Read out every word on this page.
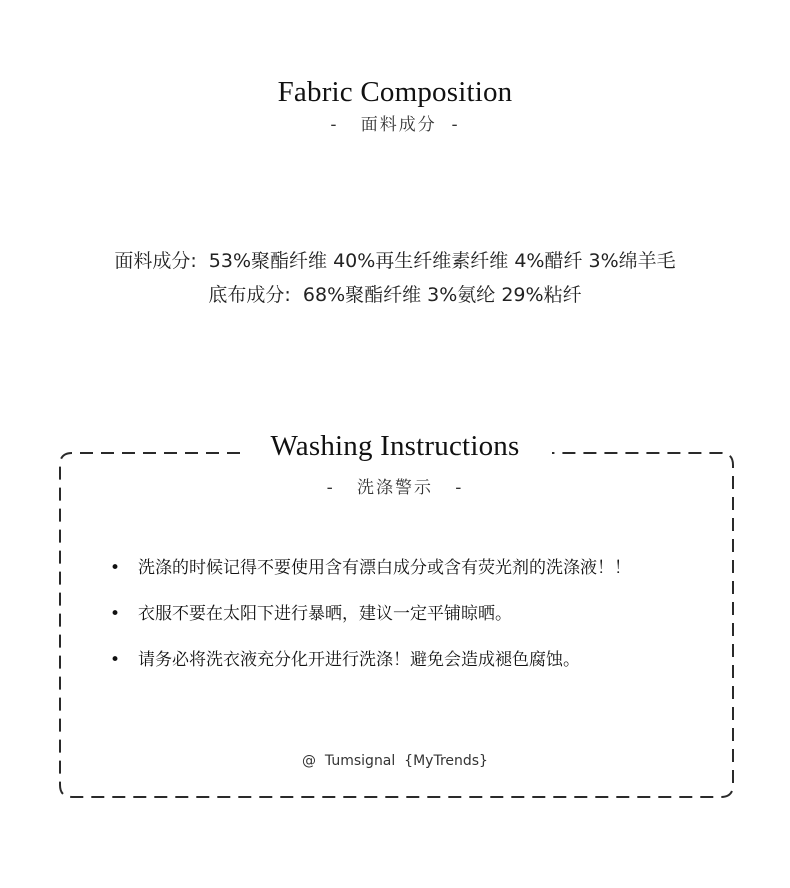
Fabric Composition
-   面料成分  -
面料成分:  53%聚酯纤维 40%再生纤维素纤维 4%醋纤 3%绵羊毛
底布成分:  68%聚酯纤维 3%氨纶 29%粘纤
Washing Instructions
-   洗涤警示   -
• 洗涤的时候记得不要使用含有漂白成分或含有荧光剂的洗涤液！！
• 衣服不要在太阳下进行暴晒，建议一定平铺晾晒。
• 请务必将洗衣液充分化开进行洗涤！避免会造成褪色腐蚀。
@  Tumsignal  {MyTrends}
